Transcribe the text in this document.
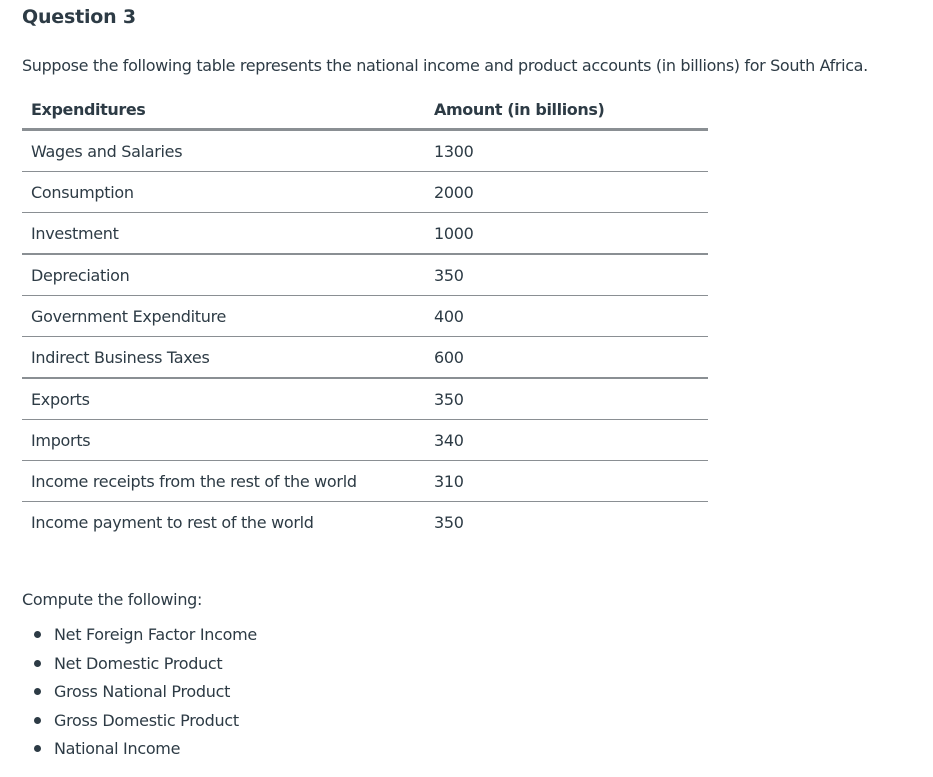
Question 3
Suppose the following table represents the national income and product accounts (in billions) for South Africa.
Expenditures	Amount (in billions)
Wages and Salaries	1300
Consumption	2000
Investment	1000
Depreciation	350
Government Expenditure	400
Indirect Business Taxes	600
Exports	350
Imports	340
Income receipts from the rest of the world	310
Income payment to rest of the world	350
Compute the following:
Net Foreign Factor Income
Net Domestic Product
Gross National Product
Gross Domestic Product
National Income
